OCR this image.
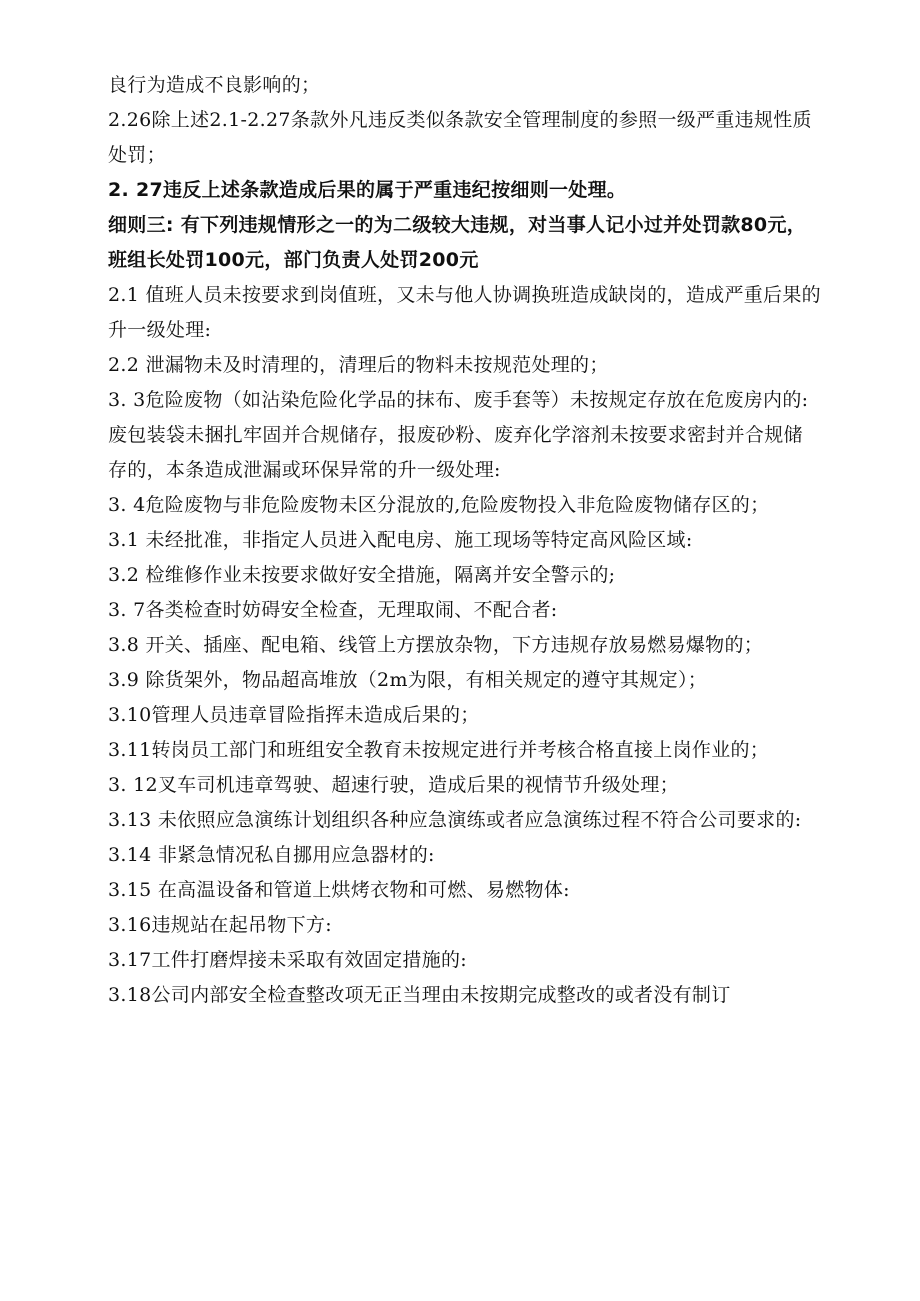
良行为造成不良影响的；

2.26除上述2.1-2.27条款外凡违反类似条款安全管理制度的参照一级严重违规性质处罚；

2. 27违反上述条款造成后果的属于严重违纪按细则一处理。

细则三: 有下列违规情形之一的为二级较大违规，对当事人记小过并处罚款80元，班组长处罚100元，部门负责人处罚200元

2.1 值班人员未按要求到岗值班，又未与他人协调换班造成缺岗的，造成严重后果的升一级处理:

2.2 泄漏物未及时清理的，清理后的物料未按规范处理的；

3. 3危险废物（如沾染危险化学品的抹布、废手套等）未按规定存放在危废房内的: 废包装袋未捆扎牢固并合规储存，报废砂粉、废弃化学溶剂未按要求密封并合规储存的，本条造成泄漏或环保异常的升一级处理:

3. 4危险废物与非危险废物未区分混放的,危险废物投入非危险废物储存区的；

3.1 未经批准，非指定人员进入配电房、施工现场等特定高风险区域:

3.2 检维修作业未按要求做好安全措施，隔离并安全警示的;

3. 7各类检查时妨碍安全检查，无理取闹、不配合者:

3.8 开关、插座、配电箱、线管上方摆放杂物，下方违规存放易燃易爆物的；

3.9 除货架外，物品超高堆放（2m为限，有相关规定的遵守其规定）；

3.10管理人员违章冒险指挥未造成后果的；

3.11转岗员工部门和班组安全教育未按规定进行并考核合格直接上岗作业的；

3. 12叉车司机违章驾驶、超速行驶，造成后果的视情节升级处理；

3.13 未依照应急演练计划组织各种应急演练或者应急演练过程不符合公司要求的:

3.14 非紧急情况私自挪用应急器材的:

3.15 在高温设备和管道上烘烤衣物和可燃、易燃物体:

3.16违规站在起吊物下方:

3.17工件打磨焊接未采取有效固定措施的:

3.18公司内部安全检查整改项无正当理由未按期完成整改的或者没有制订
